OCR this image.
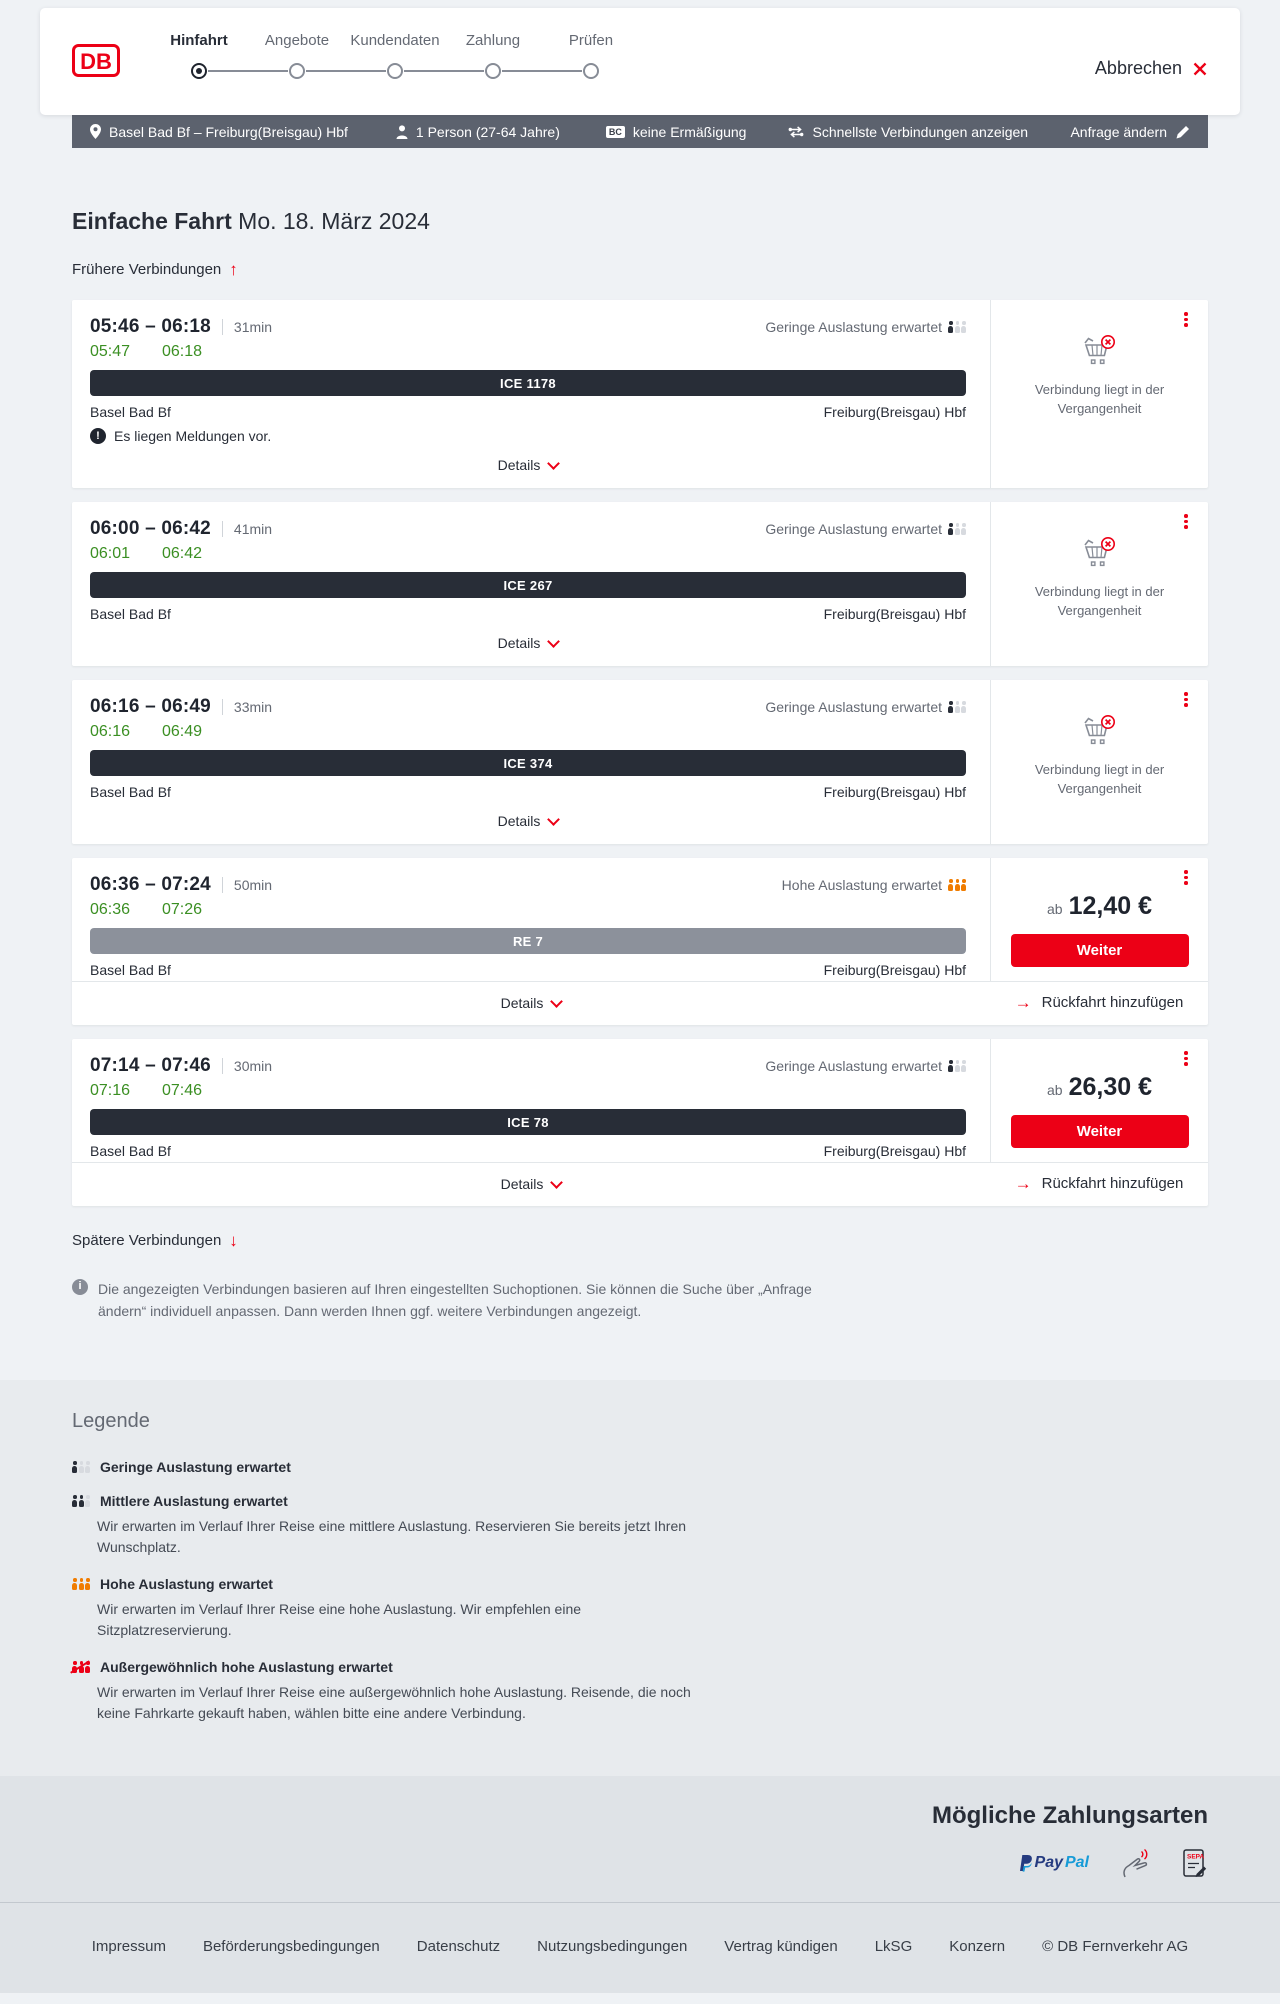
DB
Hinfahrt Angebote Kundendaten Zahlung	Prüfen
Abbrechen
Basel Bad Bf – Freiburg(Breisgau) Hbf	1 Person (27-64 Jahre)	BC keine Ermäßigung	Schnellste Verbindungen anzeigen	Anfrage ändern
Einfache Fahrt Mo. 18. März 2024
Frühere Verbindungen ↑
05:46 – 06:18 31min	Geringe Auslastung erwartet
05:47 06:18
ICE 1178
Basel Bad Bf	Freiburg(Breisgau) Hbf
!	Es liegen Meldungen vor.
Details
Verbindung liegt in der Vergangenheit
06:00 – 06:42 41min	Geringe Auslastung erwartet
06:01 06:42
ICE 267
Basel Bad Bf	Freiburg(Breisgau) Hbf
Details
Verbindung liegt in der Vergangenheit
06:16 – 06:49 33min	Geringe Auslastung erwartet
06:16 06:49
ICE 374
Basel Bad Bf	Freiburg(Breisgau) Hbf
Details
Verbindung liegt in der Vergangenheit
06:36 – 07:24 50min	Hohe Auslastung erwartet
06:36 07:26
RE 7
Basel Bad Bf	Freiburg(Breisgau) Hbf
ab 12,40 €
Weiter
Details	→ Rückfahrt hinzufügen
07:14 – 07:46 30min	Geringe Auslastung erwartet
07:16 07:46
ICE 78
Basel Bad Bf	Freiburg(Breisgau) Hbf
ab 26,30 €
Weiter
Details	→ Rückfahrt hinzufügen
Spätere Verbindungen ↓
i	Die angezeigten Verbindungen basieren auf Ihren eingestellten Suchoptionen. Sie können die Suche über „Anfrage ändern“ individuell anpassen. Dann werden Ihnen ggf. weitere Verbindungen angezeigt.
Legende
Geringe Auslastung erwartet
Mittlere Auslastung erwartet
Wir erwarten im Verlauf Ihrer Reise eine mittlere Auslastung. Reservieren Sie bereits jetzt Ihren Wunschplatz.
Hohe Auslastung erwartet
Wir erwarten im Verlauf Ihrer Reise eine hohe Auslastung. Wir empfehlen eine Sitzplatzreservierung.
Außergewöhnlich hohe Auslastung erwartet
Wir erwarten im Verlauf Ihrer Reise eine außergewöhnlich hohe Auslastung. Reisende, die noch keine Fahrkarte gekauft haben, wählen bitte eine andere Verbindung.
Mögliche Zahlungsarten
Pay Pal	SEPA
Impressum Beförderungsbedingungen Datenschutz Nutzungsbedingungen Vertrag kündigen LkSG Konzern © DB Fernverkehr AG
